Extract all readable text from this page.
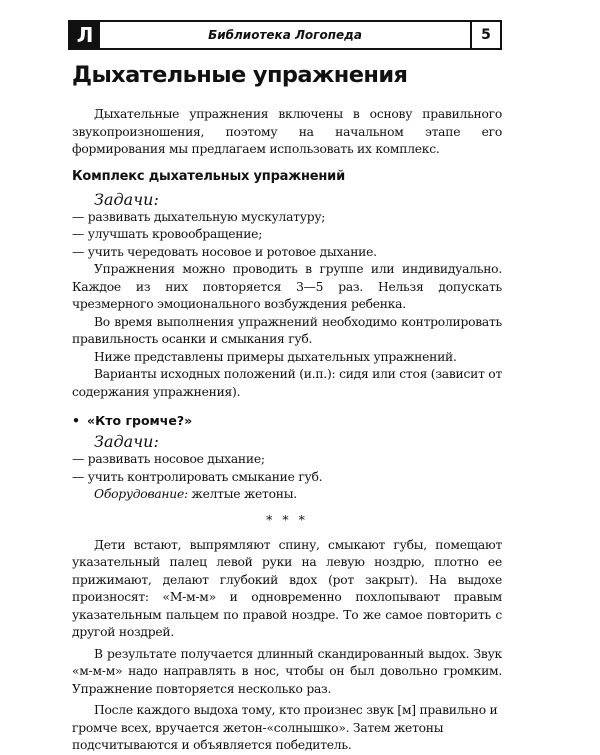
Л	Библиотека Логопеда	5
Дыхательные упражнения

Дыхательные упражнения включены в основу правильного звукопроизношения, поэтому на начальном этапе его формирования мы предлагаем использовать их комплекс.

Комплекс дыхательных упражнений
Задачи:
— развивать дыхательную мускулатуру;
— улучшать кровообращение;
— учить чередовать носовое и ротовое дыхание.

Упражнения можно проводить в группе или индивидуально. Каждое из них повторяется 3—5 раз. Нельзя допускать чрезмерного эмоционального возбуждения ребенка.

Во время выполнения упражнений необходимо контролировать правильность осанки и смыкания губ.

Ниже представлены примеры дыхательных упражнений.

Варианты исходных положений (и.п.): сидя или стоя (зависит от содержания упражнения).

• «Кто громче?»
Задачи:
— развивать носовое дыхание;
— учить контролировать смыкание губ.
Оборудование: желтые жетоны.
* * *

Дети встают, выпрямляют спину, смыкают губы, помещают указательный палец левой руки на левую ноздрю, плотно ее прижимают, делают глубокий вдох (рот закрыт). На выдохе произносят: «М-м-м» и одновременно похлопывают правым указательным пальцем по правой ноздре. То же самое повторить с другой ноздрей.

В результате получается длинный скандированный выдох. Звук «м-м-м» надо направлять в нос, чтобы он был довольно громким. Упражнение повторяется несколько раз.

После каждого выдоха тому, кто произнес звук [м] правильно и громче всех, вручается жетон-«солнышко». Затем жетоны подсчитываются и объявляется победитель.
